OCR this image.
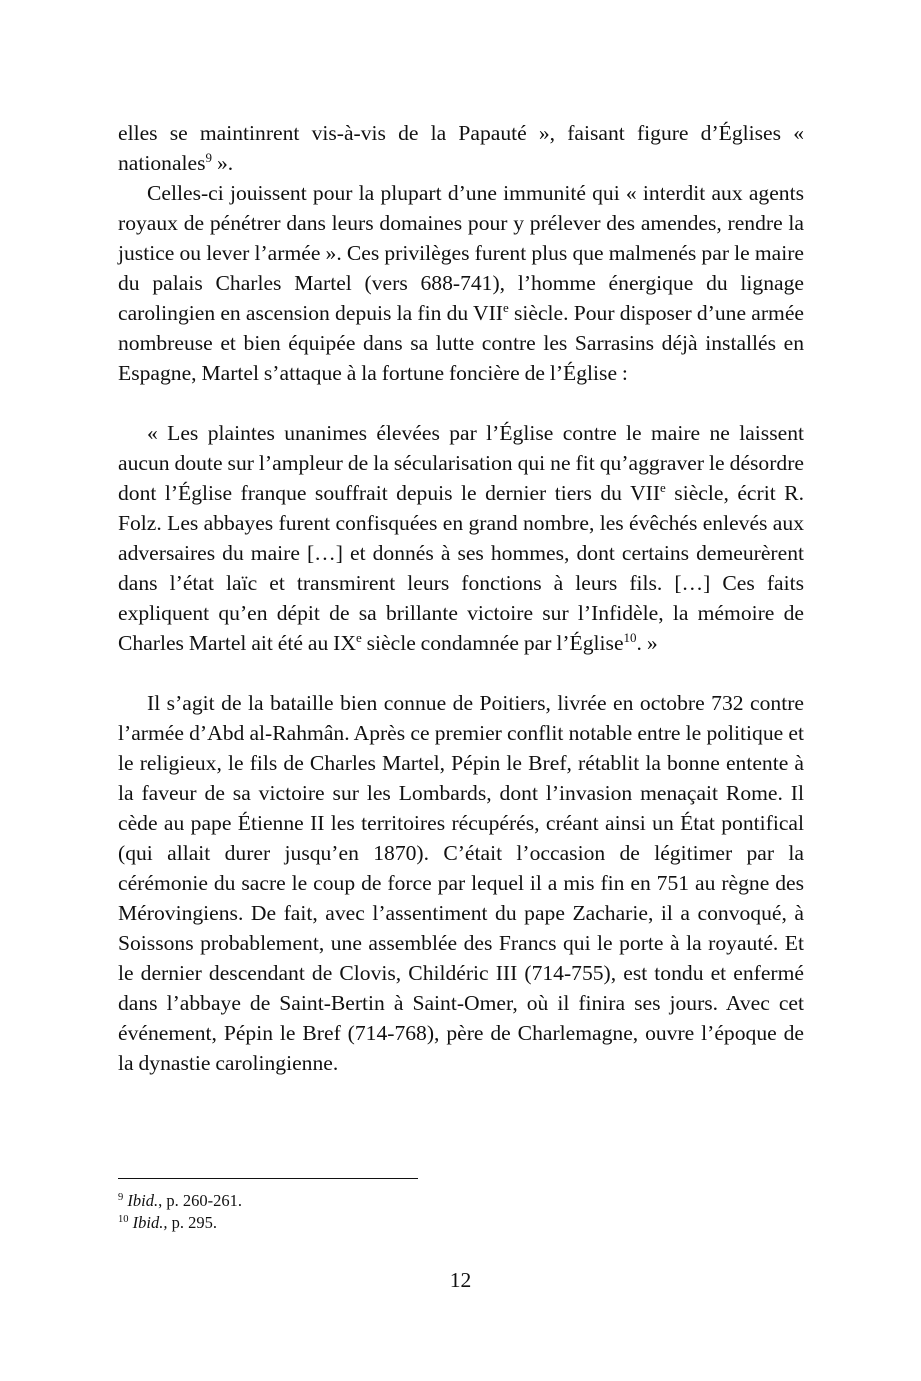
elles se maintinrent vis-à-vis de la Papauté », faisant figure d’Églises « nationales$^9$ ».

Celles-ci jouissent pour la plupart d’une immunité qui « interdit aux agents royaux de pénétrer dans leurs domaines pour y prélever des amendes, rendre la justice ou lever l’armée ». Ces privilèges furent plus que malmenés par le maire du palais Charles Martel (vers 688-741), l’homme énergique du lignage carolingien en ascension depuis la fin du VIIe siècle. Pour disposer d’une armée nombreuse et bien équipée dans sa lutte contre les Sarrasins déjà installés en Espagne, Martel s’attaque à la fortune foncière de l’Église :

« Les plaintes unanimes élevées par l’Église contre le maire ne laissent aucun doute sur l’ampleur de la sécularisation qui ne fit qu’aggraver le désordre dont l’Église franque souffrait depuis le dernier tiers du VIIe siècle, écrit R. Folz. Les abbayes furent confisquées en grand nombre, les évêchés enlevés aux adversaires du maire […] et donnés à ses hommes, dont certains demeurèrent dans l’état laïc et transmirent leurs fonctions à leurs fils. […] Ces faits expliquent qu’en dépit de sa brillante victoire sur l’Infidèle, la mémoire de Charles Martel ait été au IXe siècle condamnée par l’Église$^{10}$. »

Il s’agit de la bataille bien connue de Poitiers, livrée en octobre 732 contre l’armée d’Abd al-Rahmân. Après ce premier conflit notable entre le politique et le religieux, le fils de Charles Martel, Pépin le Bref, rétablit la bonne entente à la faveur de sa victoire sur les Lombards, dont l’invasion menaçait Rome. Il cède au pape Étienne II les territoires récupérés, créant ainsi un État pontifical (qui allait durer jusqu’en 1870). C’était l’occasion de légitimer par la cérémonie du sacre le coup de force par lequel il a mis fin en 751 au règne des Mérovingiens. De fait, avec l’assentiment du pape Zacharie, il a convoqué, à Soissons probablement, une assemblée des Francs qui le porte à la royauté. Et le dernier descendant de Clovis, Childéric III (714-755), est tondu et enfermé dans l’abbaye de Saint-Bertin à Saint-Omer, où il finira ses jours. Avec cet événement, Pépin le Bref (714-768), père de Charlemagne, ouvre l’époque de la dynastie carolingienne.

$^9$ Ibid., p. 260-261.

$^{10}$ Ibid., p. 295.

12
